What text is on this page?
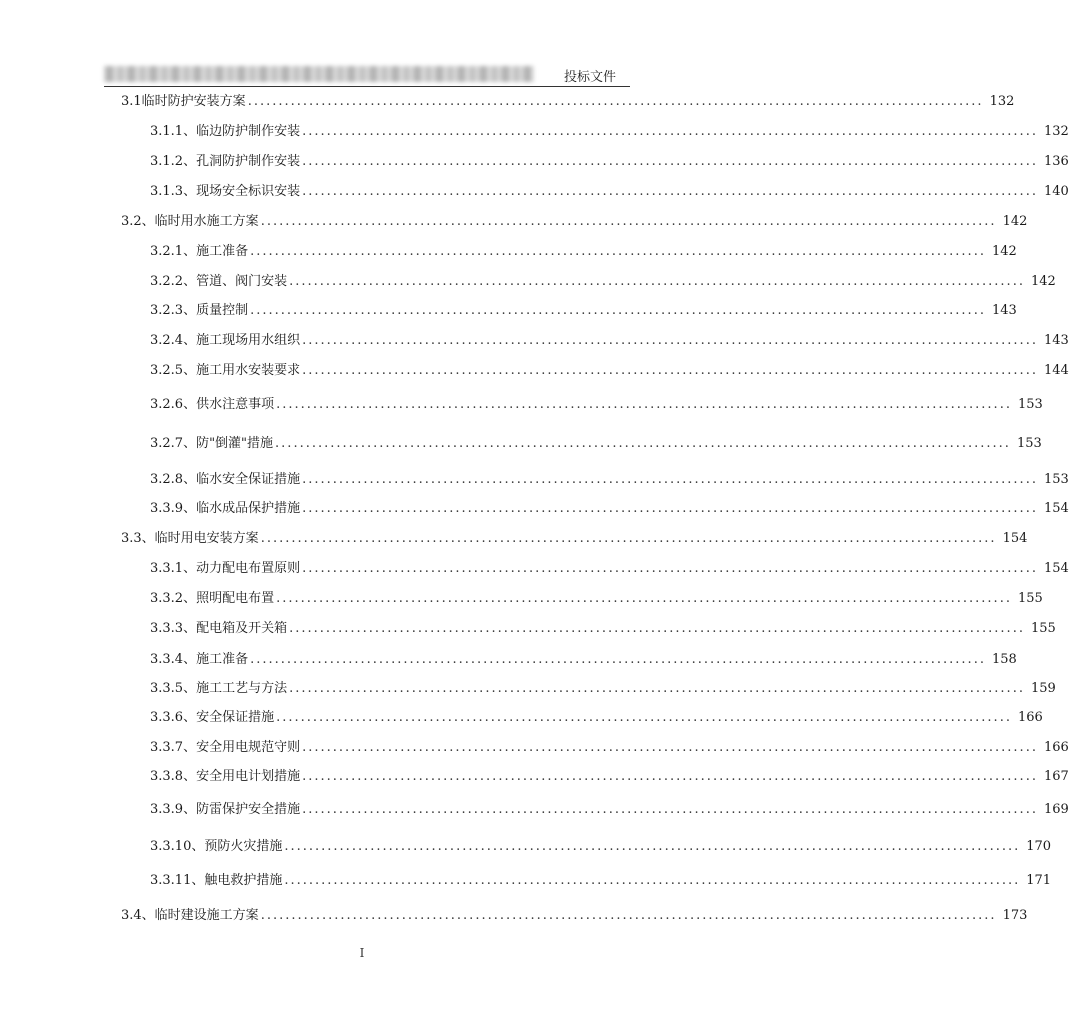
投标文件
3.1临时防护安装方案 ........................................................................................................................ 132
3.1.1、临边防护制作安装 ........................................................................................................................ 132
3.1.2、孔洞防护制作安装 ........................................................................................................................ 136
3.1.3、现场安全标识安装 ........................................................................................................................ 140
3.2、临时用水施工方案 ........................................................................................................................ 142
3.2.1、施工准备 ........................................................................................................................ 142
3.2.2、管道、阀门安装 ........................................................................................................................ 142
3.2.3、质量控制 ........................................................................................................................ 143
3.2.4、施工现场用水组织 ........................................................................................................................ 143
3.2.5、施工用水安装要求 ........................................................................................................................ 144
3.2.6、供水注意事项 ........................................................................................................................ 153
3.2.7、防"倒灌"措施 ........................................................................................................................ 153
3.2.8、临水安全保证措施 ........................................................................................................................ 153
3.3.9、临水成品保护措施 ........................................................................................................................ 154
3.3、临时用电安装方案 ........................................................................................................................ 154
3.3.1、动力配电布置原则 ........................................................................................................................ 154
3.3.2、照明配电布置 ........................................................................................................................ 155
3.3.3、配电箱及开关箱 ........................................................................................................................ 155
3.3.4、施工准备 ........................................................................................................................ 158
3.3.5、施工工艺与方法 ........................................................................................................................ 159
3.3.6、安全保证措施 ........................................................................................................................ 166
3.3.7、安全用电规范守则 ........................................................................................................................ 166
3.3.8、安全用电计划措施 ........................................................................................................................ 167
3.3.9、防雷保护安全措施 ........................................................................................................................ 169
3.3.10、预防火灾措施 ........................................................................................................................ 170
3.3.11、触电救护措施 ........................................................................................................................ 171
3.4、临时建设施工方案 ........................................................................................................................ 173
I
